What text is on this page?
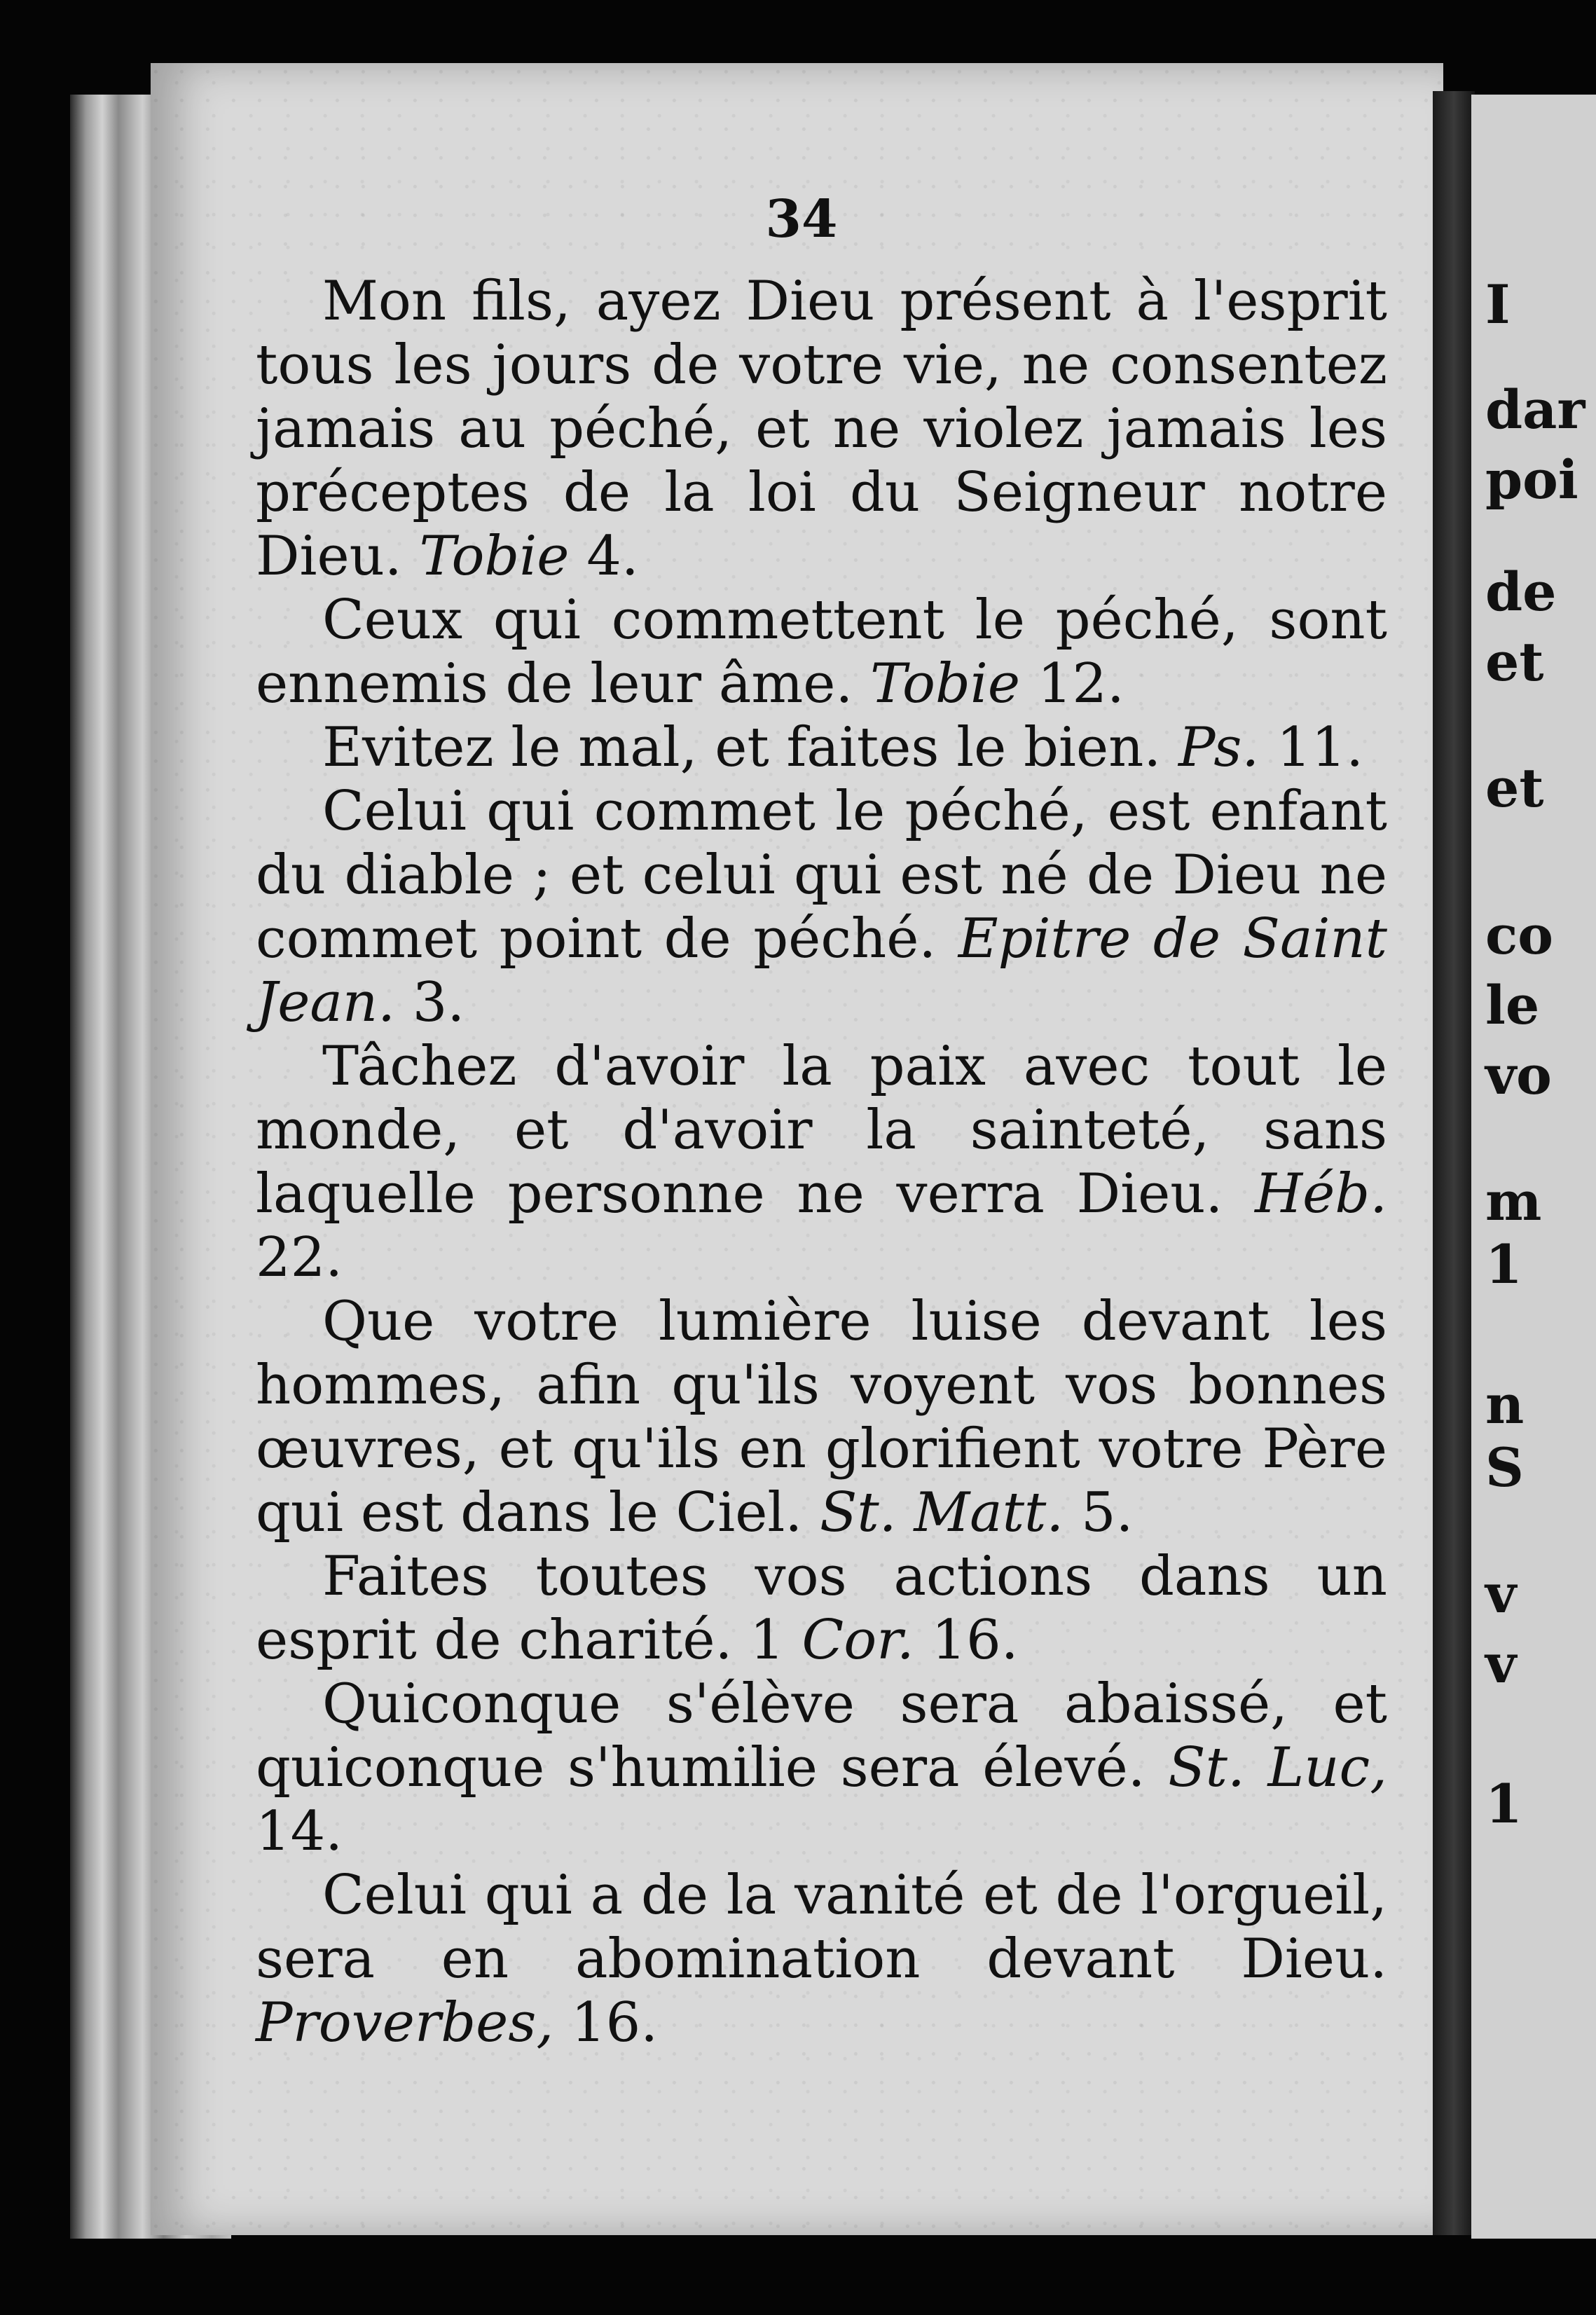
I
dar
poi
de
et
et
co
le
vo
m
1
n
S
v
v
1
34

Mon fils, ayez Dieu présent à l'esprit tous les jours de votre vie, ne consentez jamais au péché, et ne violez jamais les préceptes de la loi du Seigneur notre Dieu. Tobie 4.

Ceux qui commettent le péché, sont ennemis de leur âme. Tobie 12.

Evitez le mal, et faites le bien. Ps. 11.

Celui qui commet le péché, est enfant du diable ; et celui qui est né de Dieu ne commet point de péché. Epitre de Saint Jean. 3.

Tâchez d'avoir la paix avec tout le monde, et d'avoir la sainteté, sans laquelle personne ne verra Dieu. Héb. 22.

Que votre lumière luise devant les hommes, afin qu'ils voyent vos bonnes œuvres, et qu'ils en glorifient votre Père qui est dans le Ciel. St. Matt. 5.

Faites toutes vos actions dans un esprit de charité. 1 Cor. 16.

Quiconque s'élève sera abaissé, et quiconque s'humilie sera élevé. St. Luc, 14.

Celui qui a de la vanité et de l'orgueil, sera en abomination devant Dieu. Proverbes, 16.
